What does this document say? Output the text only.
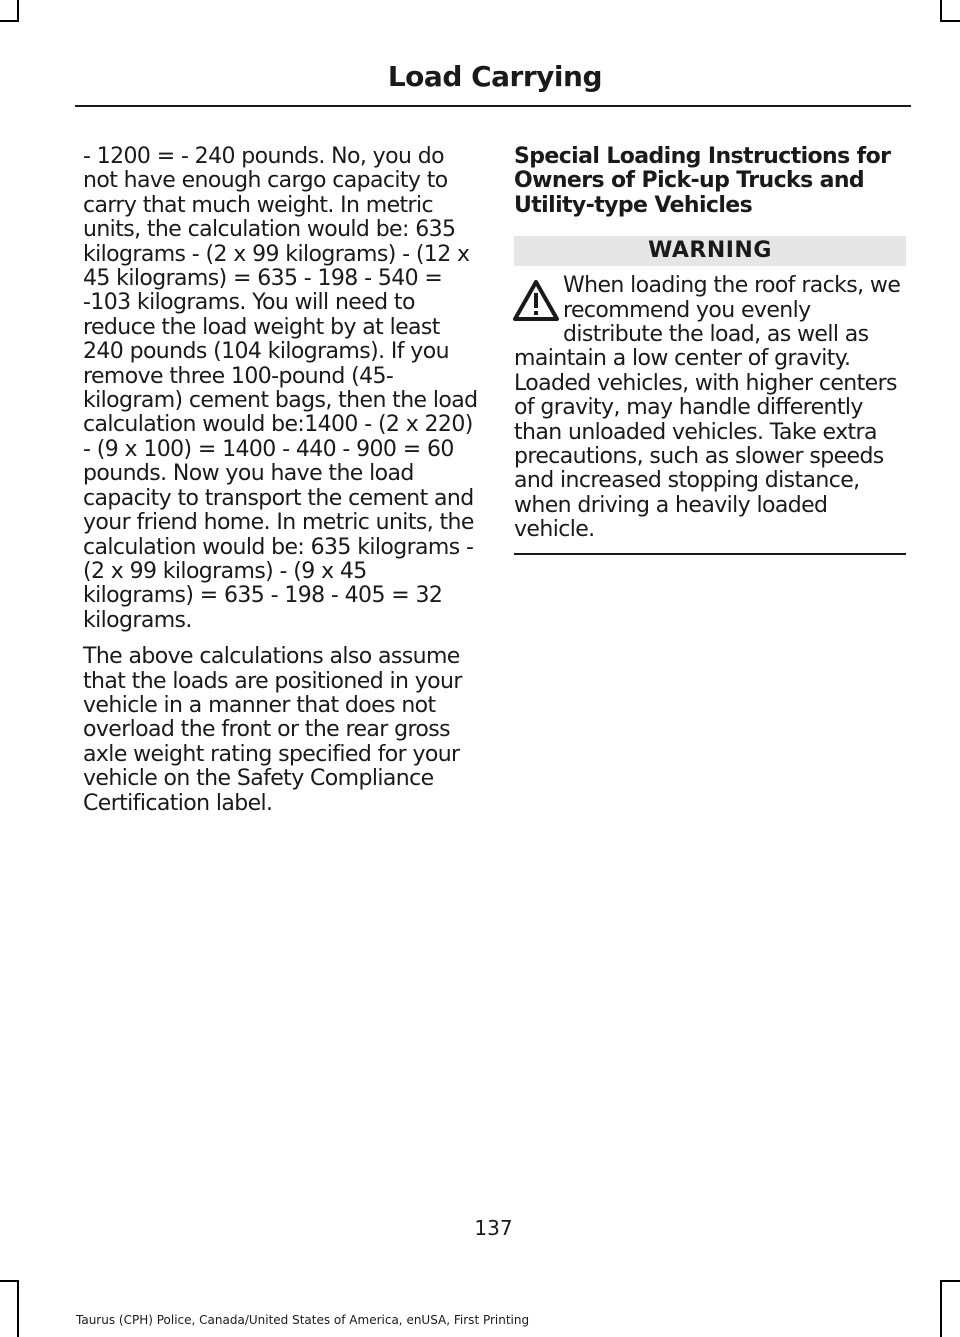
Load Carrying

- 1200 = - 240 pounds. No, you do not have enough cargo capacity to carry that much weight. In metric units, the calculation would be: 635 kilograms - (2 x 99 kilograms) - (12 x 45 kilograms) = 635 - 198 - 540 = -103 kilograms. You will need to reduce the load weight by at least 240 pounds (104 kilograms). If you remove three 100-pound (45-kilogram) cement bags, then the load calculation would be:1400 - (2 x 220) - (9 x 100) = 1400 - 440 - 900 = 60 pounds. Now you have the load capacity to transport the cement and your friend home. In metric units, the calculation would be: 635 kilograms - (2 x 99 kilograms) - (9 x 45 kilograms) = 635 - 198 - 405 = 32 kilograms.

The above calculations also assume that the loads are positioned in your vehicle in a manner that does not overload the front or the rear gross axle weight rating specified for your vehicle on the Safety Compliance Certification label.

Special Loading Instructions for Owners of Pick-up Trucks and Utility-type Vehicles
WARNING

When loading the roof racks, we recommend you evenly distribute the load, as well as maintain a low center of gravity. Loaded vehicles, with higher centers of gravity, may handle differently than unloaded vehicles. Take extra precautions, such as slower speeds and increased stopping distance, when driving a heavily loaded vehicle.

137
Taurus (CPH) Police, Canada/United States of America, enUSA, First Printing
